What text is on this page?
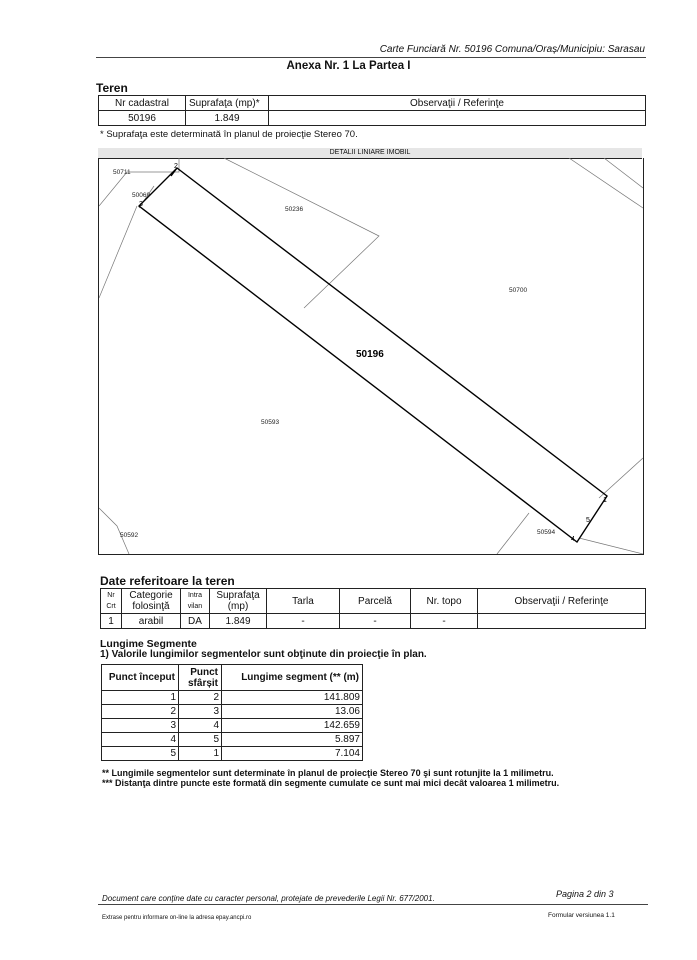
Carte Funciară Nr. 50196 Comuna/Oraș/Municipiu: Sarasau
Anexa Nr. 1 La Partea I
Teren
Nr cadastral	Suprafaţa (mp)*	Observaţii / Referinţe
50196	1.849	
* Suprafaţa este determinată în planul de proiecţie Stereo 70.
DETALII LINIARE IMOBIL
50196
50711
50069
50236
50700
50593
50592	50594
1
2
3
4
5
Date referitoare la teren
Nr Crt	Categorie folosinţă	Intra vilan	Suprafaţa (mp)	Tarla	Parcelă	Nr. topo	Observaţii / Referinţe
1	arabil	DA	1.849	-	-	-	
Lungime Segmente
1) Valorile lungimilor segmentelor sunt obţinute din proiecţie în plan.
Punct început	Punct sfârșit	Lungime segment (** (m)
1	2	141.809
2	3	13.06
3	4	142.659
4	5	5.897
5	1	7.104
** Lungimile segmentelor sunt determinate în planul de proiecţie Stereo 70 şi sunt rotunjite la 1 milimetru.
*** Distanţa dintre puncte este formată din segmente cumulate ce sunt mai mici decât valoarea 1 milimetru.
Document care conţine date cu caracter personal, protejate de prevederile Legii Nr. 677/2001.	Pagina 2 din 3
Extrase pentru informare on-line la adresa epay.ancpi.ro	Formular versiunea 1.1
